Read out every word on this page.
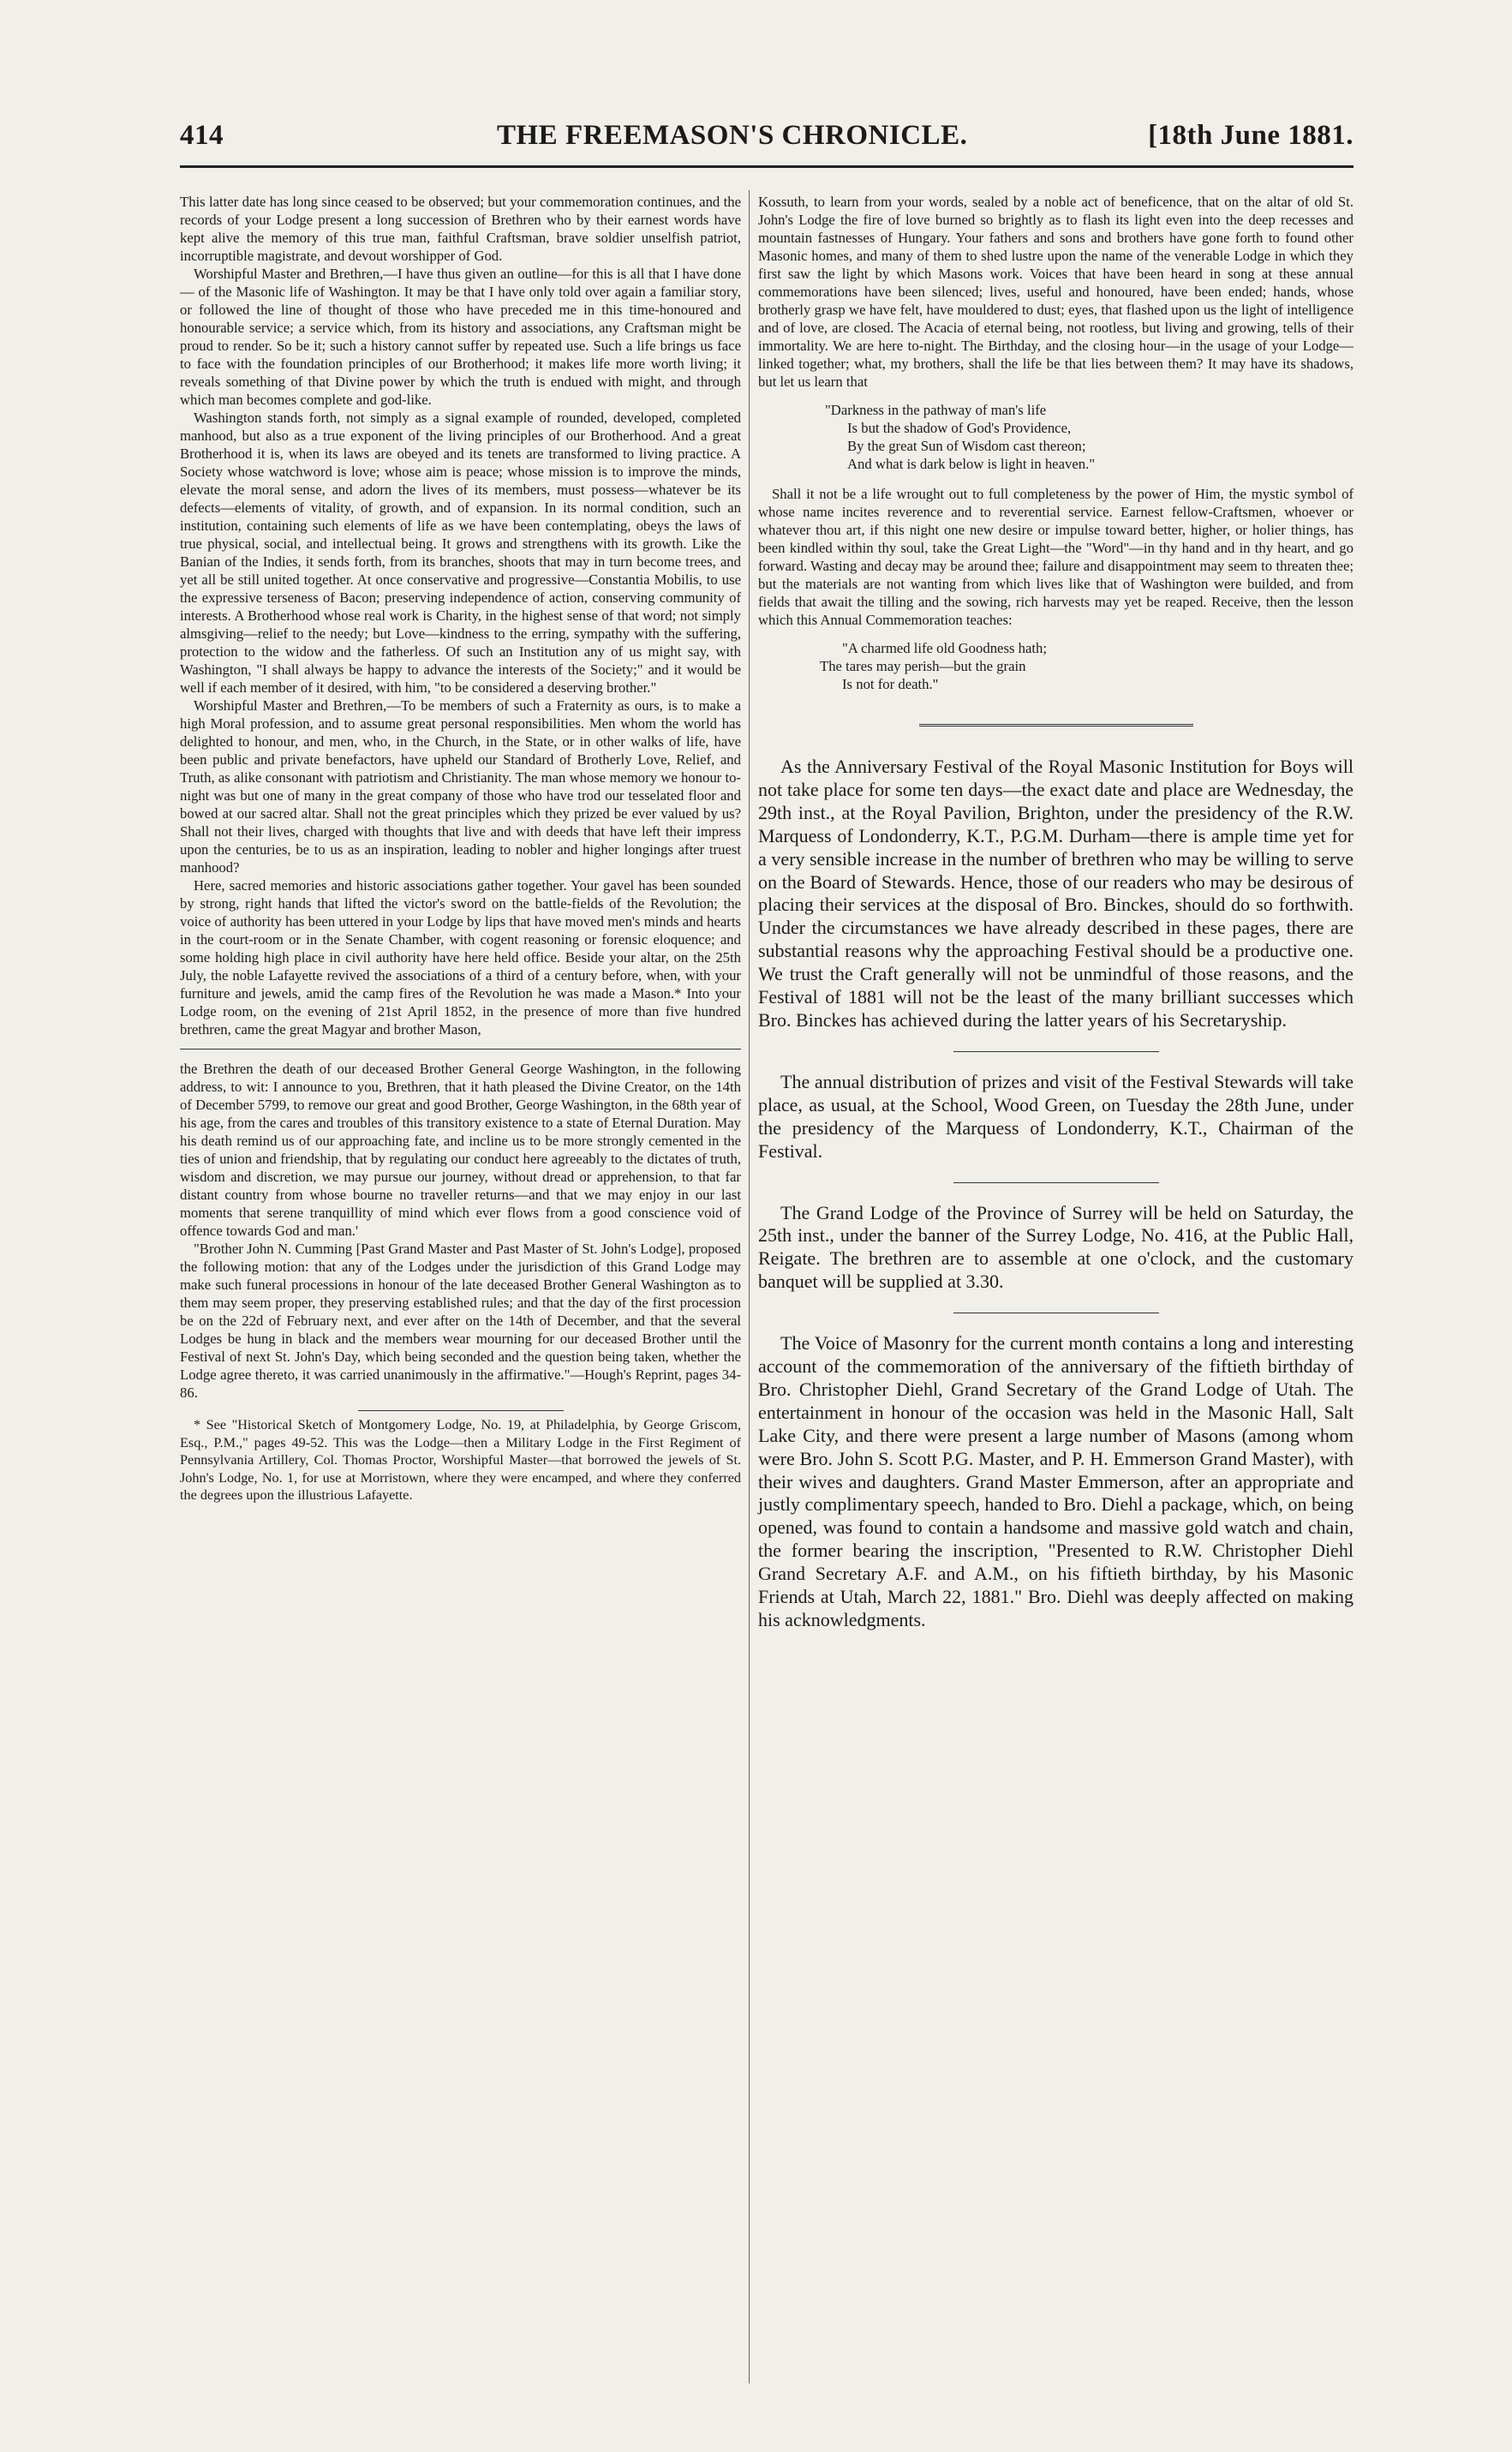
414	THE FREEMASON'S CHRONICLE.	[18th June 1881.

This latter date has long since ceased to be observed; but your commemoration continues, and the records of your Lodge present a long succession of Brethren who by their earnest words have kept alive the memory of this true man, faithful Craftsman, brave soldier unselfish patriot, incorruptible magistrate, and devout worshipper of God.

Worshipful Master and Brethren,—I have thus given an outline—for this is all that I have done— of the Masonic life of Washington. It may be that I have only told over again a familiar story, or followed the line of thought of those who have preceded me in this time-honoured and honourable service; a service which, from its history and associations, any Craftsman might be proud to render. So be it; such a history cannot suffer by repeated use. Such a life brings us face to face with the foundation principles of our Brotherhood; it makes life more worth living; it reveals something of that Divine power by which the truth is endued with might, and through which man becomes complete and god-like.

Washington stands forth, not simply as a signal example of rounded, developed, completed manhood, but also as a true exponent of the living principles of our Brotherhood. And a great Brotherhood it is, when its laws are obeyed and its tenets are transformed to living practice. A Society whose watchword is love; whose aim is peace; whose mission is to improve the minds, elevate the moral sense, and adorn the lives of its members, must possess—whatever be its defects—elements of vitality, of growth, and of expansion. In its normal condition, such an institution, containing such elements of life as we have been contemplating, obeys the laws of true physical, social, and intellectual being. It grows and strengthens with its growth. Like the Banian of the Indies, it sends forth, from its branches, shoots that may in turn become trees, and yet all be still united together. At once conservative and progressive—Constantia Mobilis, to use the expressive terseness of Bacon; preserving independence of action, conserving community of interests. A Brotherhood whose real work is Charity, in the highest sense of that word; not simply almsgiving—relief to the needy; but Love—kindness to the erring, sympathy with the suffering, protection to the widow and the fatherless. Of such an Institution any of us might say, with Washington, "I shall always be happy to advance the interests of the Society;" and it would be well if each member of it desired, with him, "to be considered a deserving brother."

Worshipful Master and Brethren,—To be members of such a Fraternity as ours, is to make a high Moral profession, and to assume great personal responsibilities. Men whom the world has delighted to honour, and men, who, in the Church, in the State, or in other walks of life, have been public and private benefactors, have upheld our Standard of Brotherly Love, Relief, and Truth, as alike consonant with patriotism and Christianity. The man whose memory we honour to-night was but one of many in the great company of those who have trod our tesselated floor and bowed at our sacred altar. Shall not the great principles which they prized be ever valued by us? Shall not their lives, charged with thoughts that live and with deeds that have left their impress upon the centuries, be to us as an inspiration, leading to nobler and higher longings after truest manhood?

Here, sacred memories and historic associations gather together. Your gavel has been sounded by strong, right hands that lifted the victor's sword on the battle-fields of the Revolution; the voice of authority has been uttered in your Lodge by lips that have moved men's minds and hearts in the court-room or in the Senate Chamber, with cogent reasoning or forensic eloquence; and some holding high place in civil authority have here held office. Beside your altar, on the 25th July, the noble Lafayette revived the associations of a third of a century before, when, with your furniture and jewels, amid the camp fires of the Revolution he was made a Mason.* Into your Lodge room, on the evening of 21st April 1852, in the presence of more than five hundred brethren, came the great Magyar and brother Mason,

the Brethren the death of our deceased Brother General George Washington, in the following address, to wit: I announce to you, Brethren, that it hath pleased the Divine Creator, on the 14th of December 5799, to remove our great and good Brother, George Washington, in the 68th year of his age, from the cares and troubles of this transitory existence to a state of Eternal Duration. May his death remind us of our approaching fate, and incline us to be more strongly cemented in the ties of union and friendship, that by regulating our conduct here agreeably to the dictates of truth, wisdom and discretion, we may pursue our journey, without dread or apprehension, to that far distant country from whose bourne no traveller returns—and that we may enjoy in our last moments that serene tranquillity of mind which ever flows from a good conscience void of offence towards God and man.'

"Brother John N. Cumming [Past Grand Master and Past Master of St. John's Lodge], proposed the following motion: that any of the Lodges under the jurisdiction of this Grand Lodge may make such funeral processions in honour of the late deceased Brother General Washington as to them may seem proper, they preserving established rules; and that the day of the first procession be on the 22d of February next, and ever after on the 14th of December, and that the several Lodges be hung in black and the members wear mourning for our deceased Brother until the Festival of next St. John's Day, which being seconded and the question being taken, whether the Lodge agree thereto, it was carried unanimously in the affirmative."—Hough's Reprint, pages 34-86.

* See "Historical Sketch of Montgomery Lodge, No. 19, at Philadelphia, by George Griscom, Esq., P.M.," pages 49-52. This was the Lodge—then a Military Lodge in the First Regiment of Pennsylvania Artillery, Col. Thomas Proctor, Worshipful Master—that borrowed the jewels of St. John's Lodge, No. 1, for use at Morristown, where they were encamped, and where they conferred the degrees upon the illustrious Lafayette.

Kossuth, to learn from your words, sealed by a noble act of beneficence, that on the altar of old St. John's Lodge the fire of love burned so brightly as to flash its light even into the deep recesses and mountain fastnesses of Hungary. Your fathers and sons and brothers have gone forth to found other Masonic homes, and many of them to shed lustre upon the name of the venerable Lodge in which they first saw the light by which Masons work. Voices that have been heard in song at these annual commemorations have been silenced; lives, useful and honoured, have been ended; hands, whose brotherly grasp we have felt, have mouldered to dust; eyes, that flashed upon us the light of intelligence and of love, are closed. The Acacia of eternal being, not rootless, but living and growing, tells of their immortality. We are here to-night. The Birthday, and the closing hour—in the usage of your Lodge—linked together; what, my brothers, shall the life be that lies between them? It may have its shadows, but let us learn that

"Darkness in the pathway of man's life
Is but the shadow of God's Providence,
By the great Sun of Wisdom cast thereon;
And what is dark below is light in heaven."

Shall it not be a life wrought out to full completeness by the power of Him, the mystic symbol of whose name incites reverence and to reverential service. Earnest fellow-Craftsmen, whoever or whatever thou art, if this night one new desire or impulse toward better, higher, or holier things, has been kindled within thy soul, take the Great Light—the "Word"—in thy hand and in thy heart, and go forward. Wasting and decay may be around thee; failure and disappointment may seem to threaten thee; but the materials are not wanting from which lives like that of Washington were builded, and from fields that await the tilling and the sowing, rich harvests may yet be reaped. Receive, then the lesson which this Annual Commemoration teaches:

"A charmed life old Goodness hath;
The tares may perish—but the grain
Is not for death."

As the Anniversary Festival of the Royal Masonic Institution for Boys will not take place for some ten days—the exact date and place are Wednesday, the 29th inst., at the Royal Pavilion, Brighton, under the presidency of the R.W. Marquess of Londonderry, K.T., P.G.M. Durham—there is ample time yet for a very sensible increase in the number of brethren who may be willing to serve on the Board of Stewards. Hence, those of our readers who may be desirous of placing their services at the disposal of Bro. Binckes, should do so forthwith. Under the circumstances we have already described in these pages, there are substantial reasons why the approaching Festival should be a productive one. We trust the Craft generally will not be unmindful of those reasons, and the Festival of 1881 will not be the least of the many brilliant successes which Bro. Binckes has achieved during the latter years of his Secretaryship.

The annual distribution of prizes and visit of the Festival Stewards will take place, as usual, at the School, Wood Green, on Tuesday the 28th June, under the presidency of the Marquess of Londonderry, K.T., Chairman of the Festival.

The Grand Lodge of the Province of Surrey will be held on Saturday, the 25th inst., under the banner of the Surrey Lodge, No. 416, at the Public Hall, Reigate. The brethren are to assemble at one o'clock, and the customary banquet will be supplied at 3.30.

The Voice of Masonry for the current month contains a long and interesting account of the commemoration of the anniversary of the fiftieth birthday of Bro. Christopher Diehl, Grand Secretary of the Grand Lodge of Utah. The entertainment in honour of the occasion was held in the Masonic Hall, Salt Lake City, and there were present a large number of Masons (among whom were Bro. John S. Scott P.G. Master, and P. H. Emmerson Grand Master), with their wives and daughters. Grand Master Emmerson, after an appropriate and justly complimentary speech, handed to Bro. Diehl a package, which, on being opened, was found to contain a handsome and massive gold watch and chain, the former bearing the inscription, "Presented to R.W. Christopher Diehl Grand Secretary A.F. and A.M., on his fiftieth birthday, by his Masonic Friends at Utah, March 22, 1881." Bro. Diehl was deeply affected on making his acknowledgments.
